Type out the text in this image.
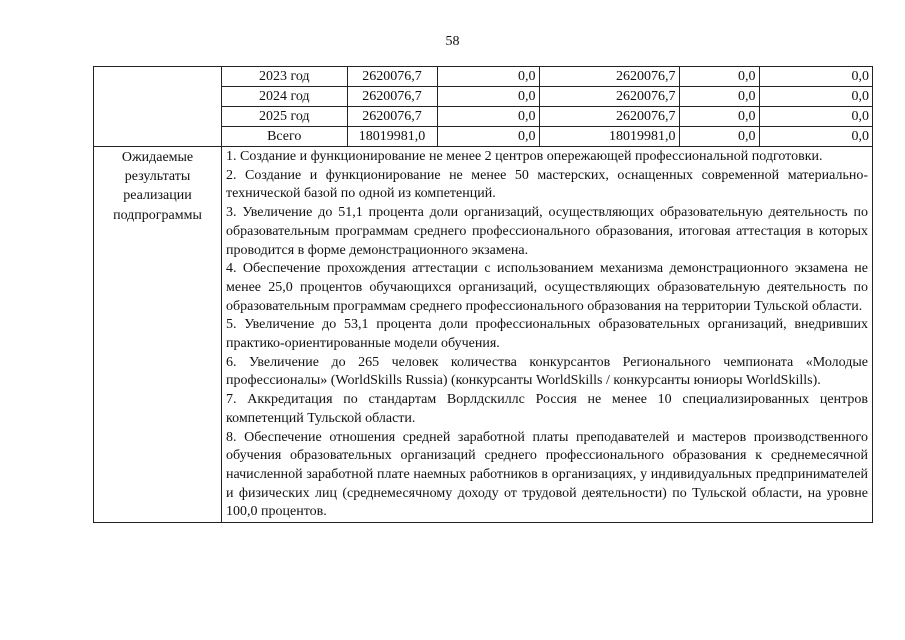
58

2023 год	2620076,7	0,0	2620076,7	0,0	0,0
2024 год	2620076,7	0,0	2620076,7	0,0	0,0
2025 год	2620076,7	0,0	2620076,7	0,0	0,0
Всего	18019981,0	0,0	18019981,0	0,0	0,0

Ожидаемые результаты реализации подпрограммы	

1. Создание и функционирование не менее 2 центров опережающей профессиональной подготовки.

2. Создание и функционирование не менее 50 мастерских, оснащенных современной материально-технической базой по одной из компетенций.

3. Увеличение до 51,1 процента доли организаций, осуществляющих образовательную деятельность по образовательным программам среднего профессионального образования, итоговая аттестация в которых проводится в форме демонстрационного экзамена.

4. Обеспечение прохождения аттестации с использованием механизма демонстрационного экзамена не менее 25,0 процентов обучающихся организаций, осуществляющих образовательную деятельность по образовательным программам среднего профессионального образования на территории Тульской области.

5. Увеличение до 53,1 процента доли профессиональных образовательных организаций, внедривших практико-ориентированные модели обучения.

6. Увеличение до 265 человек количества конкурсантов Регионального чемпионата «Молодые профессионалы» (WorldSkills Russia) (конкурсанты WorldSkills / конкурсанты юниоры WorldSkills).

7. Аккредитация по стандартам Ворлдскиллс Россия не менее 10 специализированных центров компетенций Тульской области.

8. Обеспечение отношения средней заработной платы преподавателей и мастеров производственного обучения образовательных организаций среднего профессионального образования к среднемесячной начисленной заработной плате наемных работников в организациях, у индивидуальных предпринимателей и физических лиц (среднемесячному доходу от трудовой деятельности) по Тульской области, на уровне 100,0 процентов.
